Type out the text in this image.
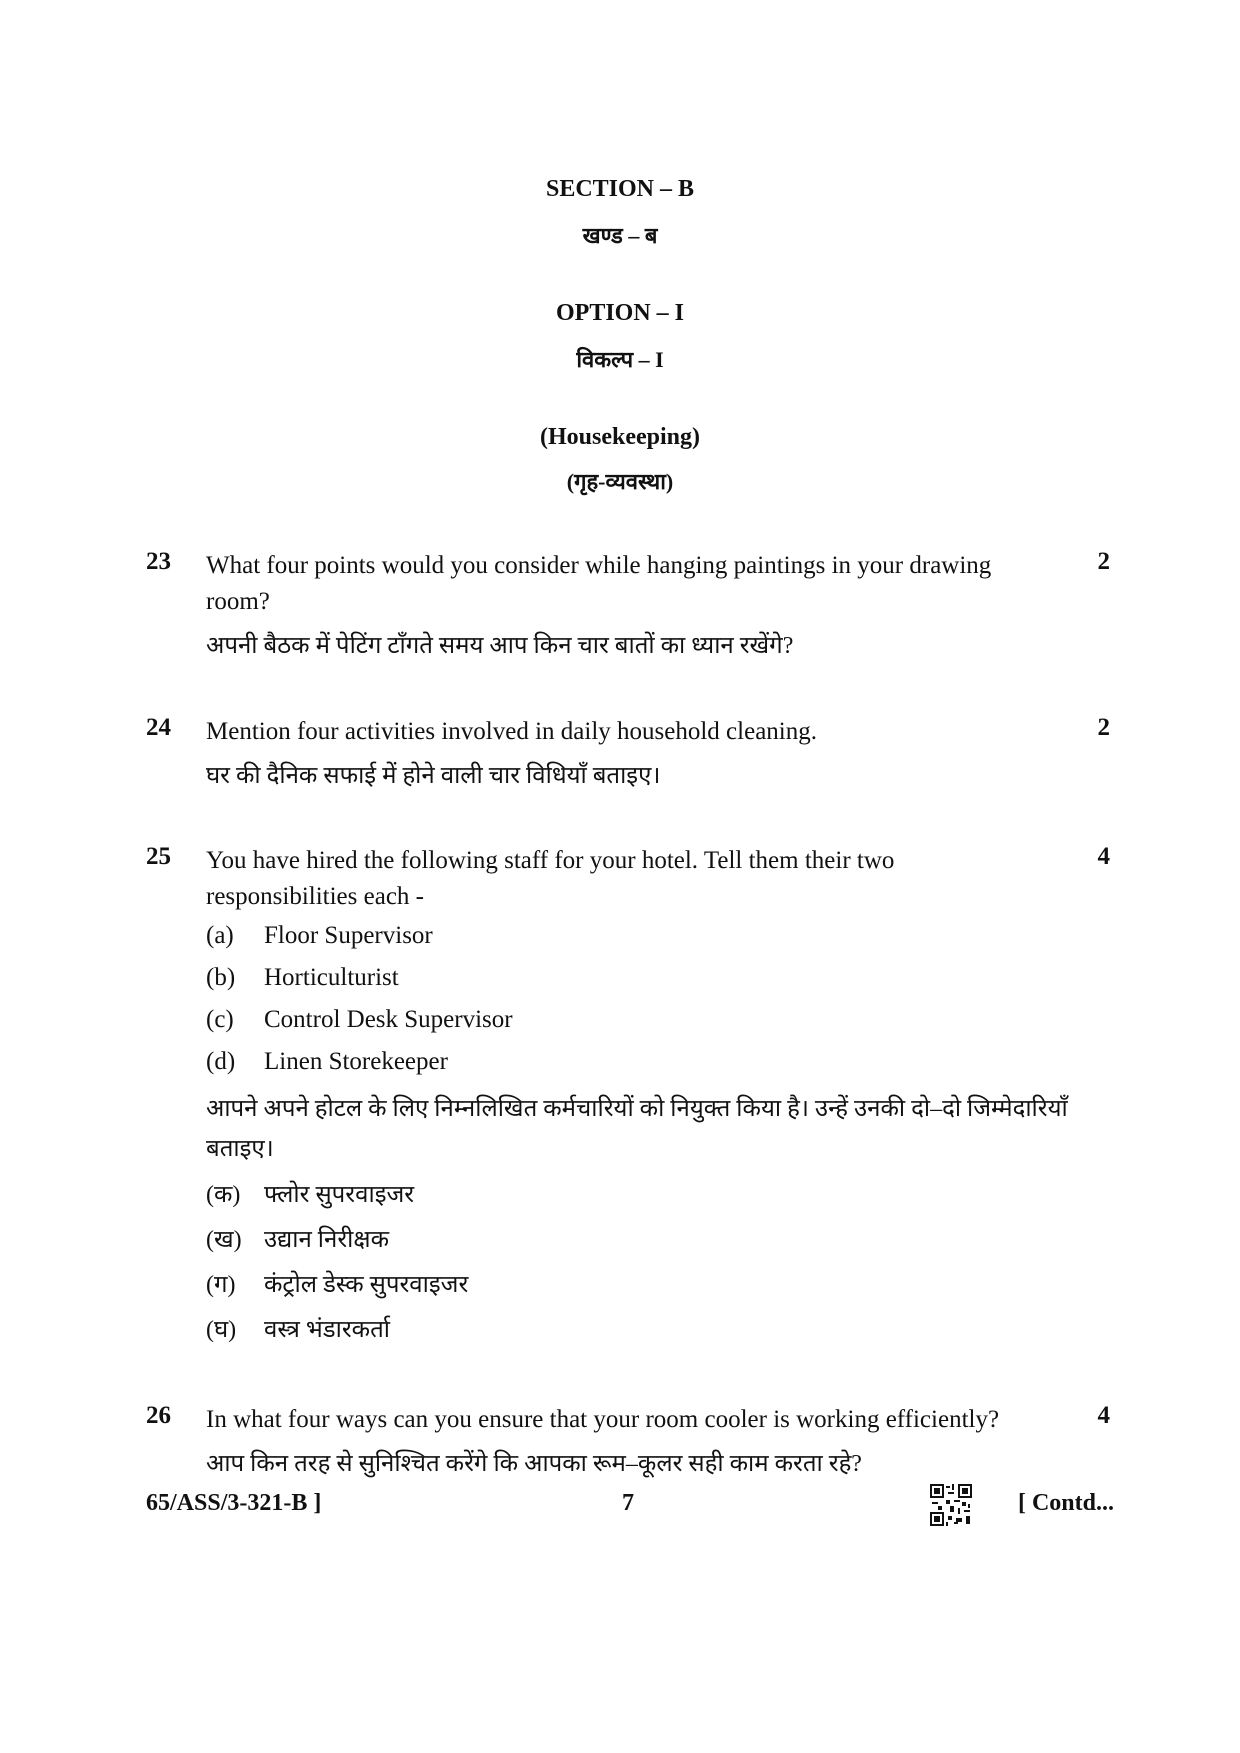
SECTION – B
खण्ड – ब
OPTION – I
विकल्प – I
(Housekeeping)
(गृह-व्यवस्था)
23 What four points would you consider while hanging paintings in your drawing room?
अपनी बैठक में पेटिंग टाँगते समय आप किन चार बातों का ध्यान रखेंगे?
2
24 Mention four activities involved in daily household cleaning.
घर की दैनिक सफाई में होने वाली चार विधियाँ बताइए।
2
25 You have hired the following staff for your hotel. Tell them their two responsibilities each -
(a)	Floor Supervisor
(b)	Horticulturist
(c)	Control Desk Supervisor
(d)	Linen Storekeeper
आपने अपने होटल के लिए निम्नलिखित कर्मचारियों को नियुक्त किया है। उन्हें उनकी दो–दो जिम्मेदारियाँ बताइए।
(क) फ्लोर सुपरवाइजर
(ख) उद्यान निरीक्षक
(ग)	कंट्रोल डेस्क सुपरवाइजर
(घ)	वस्त्र भंडारकर्ता
4
26 In what four ways can you ensure that your room cooler is working efficiently?
आप किन तरह से सुनिश्चित करेंगे कि आपका रूम–कूलर सही काम करता रहे?
4
65/ASS/3-321-B ]	7	[ Contd...
